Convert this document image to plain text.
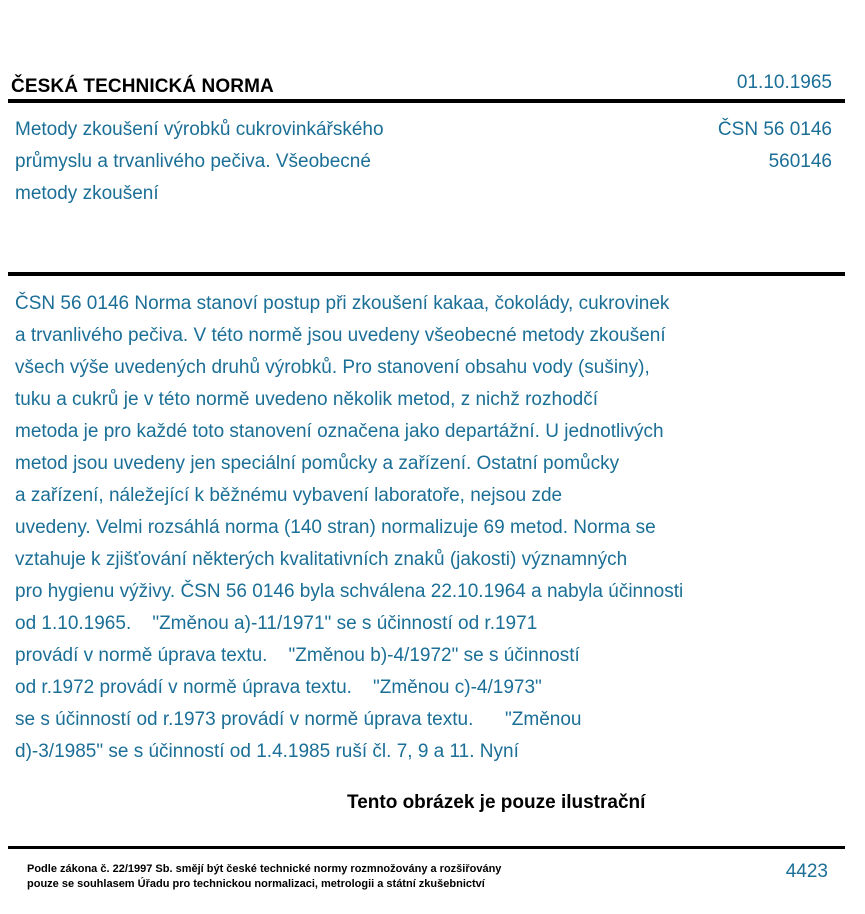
ČESKÁ TECHNICKÁ NORMA	01.10.1965
Metody zkoušení výrobků cukrovinkářského
průmyslu a trvanlivého pečiva. Všeobecné
metody zkoušení
ČSN 56 0146
560146
ČSN 56 0146 Norma stanoví postup při zkoušení kakaa, čokolády, cukrovinek
a trvanlivého pečiva. V této normě jsou uvedeny všeobecné metody zkoušení
všech výše uvedených druhů výrobků. Pro stanovení obsahu vody (sušiny),
tuku a cukrů je v této normě uvedeno několik metod, z nichž rozhodčí
metoda je pro každé toto stanovení označena jako departážní. U jednotlivých
metod jsou uvedeny jen speciální pomůcky a zařízení. Ostatní pomůcky
a zařízení, náležející k běžnému vybavení laboratoře, nejsou zde
uvedeny. Velmi rozsáhlá norma (140 stran) normalizuje 69 metod. Norma se
vztahuje k zjišťování některých kvalitativních znaků (jakosti) významných
pro hygienu výživy. ČSN 56 0146 byla schválena 22.10.1964 a nabyla účinnosti
od 1.10.1965.    "Změnou a)-11/1971" se s účinností od r.1971
provádí v normě úprava textu.    "Změnou b)-4/1972" se s účinností
od r.1972 provádí v normě úprava textu.    "Změnou c)-4/1973"
se s účinností od r.1973 provádí v normě úprava textu.      "Změnou
d)-3/1985" se s účinností od 1.4.1985 ruší čl. 7, 9 a 11. Nyní
Tento obrázek je pouze ilustrační
Podle zákona č. 22/1997 Sb. smějí být české technické normy rozmnožovány a rozšiřovány
pouze se souhlasem Úřadu pro technickou normalizaci, metrologii a státní zkušebnictví
4423
